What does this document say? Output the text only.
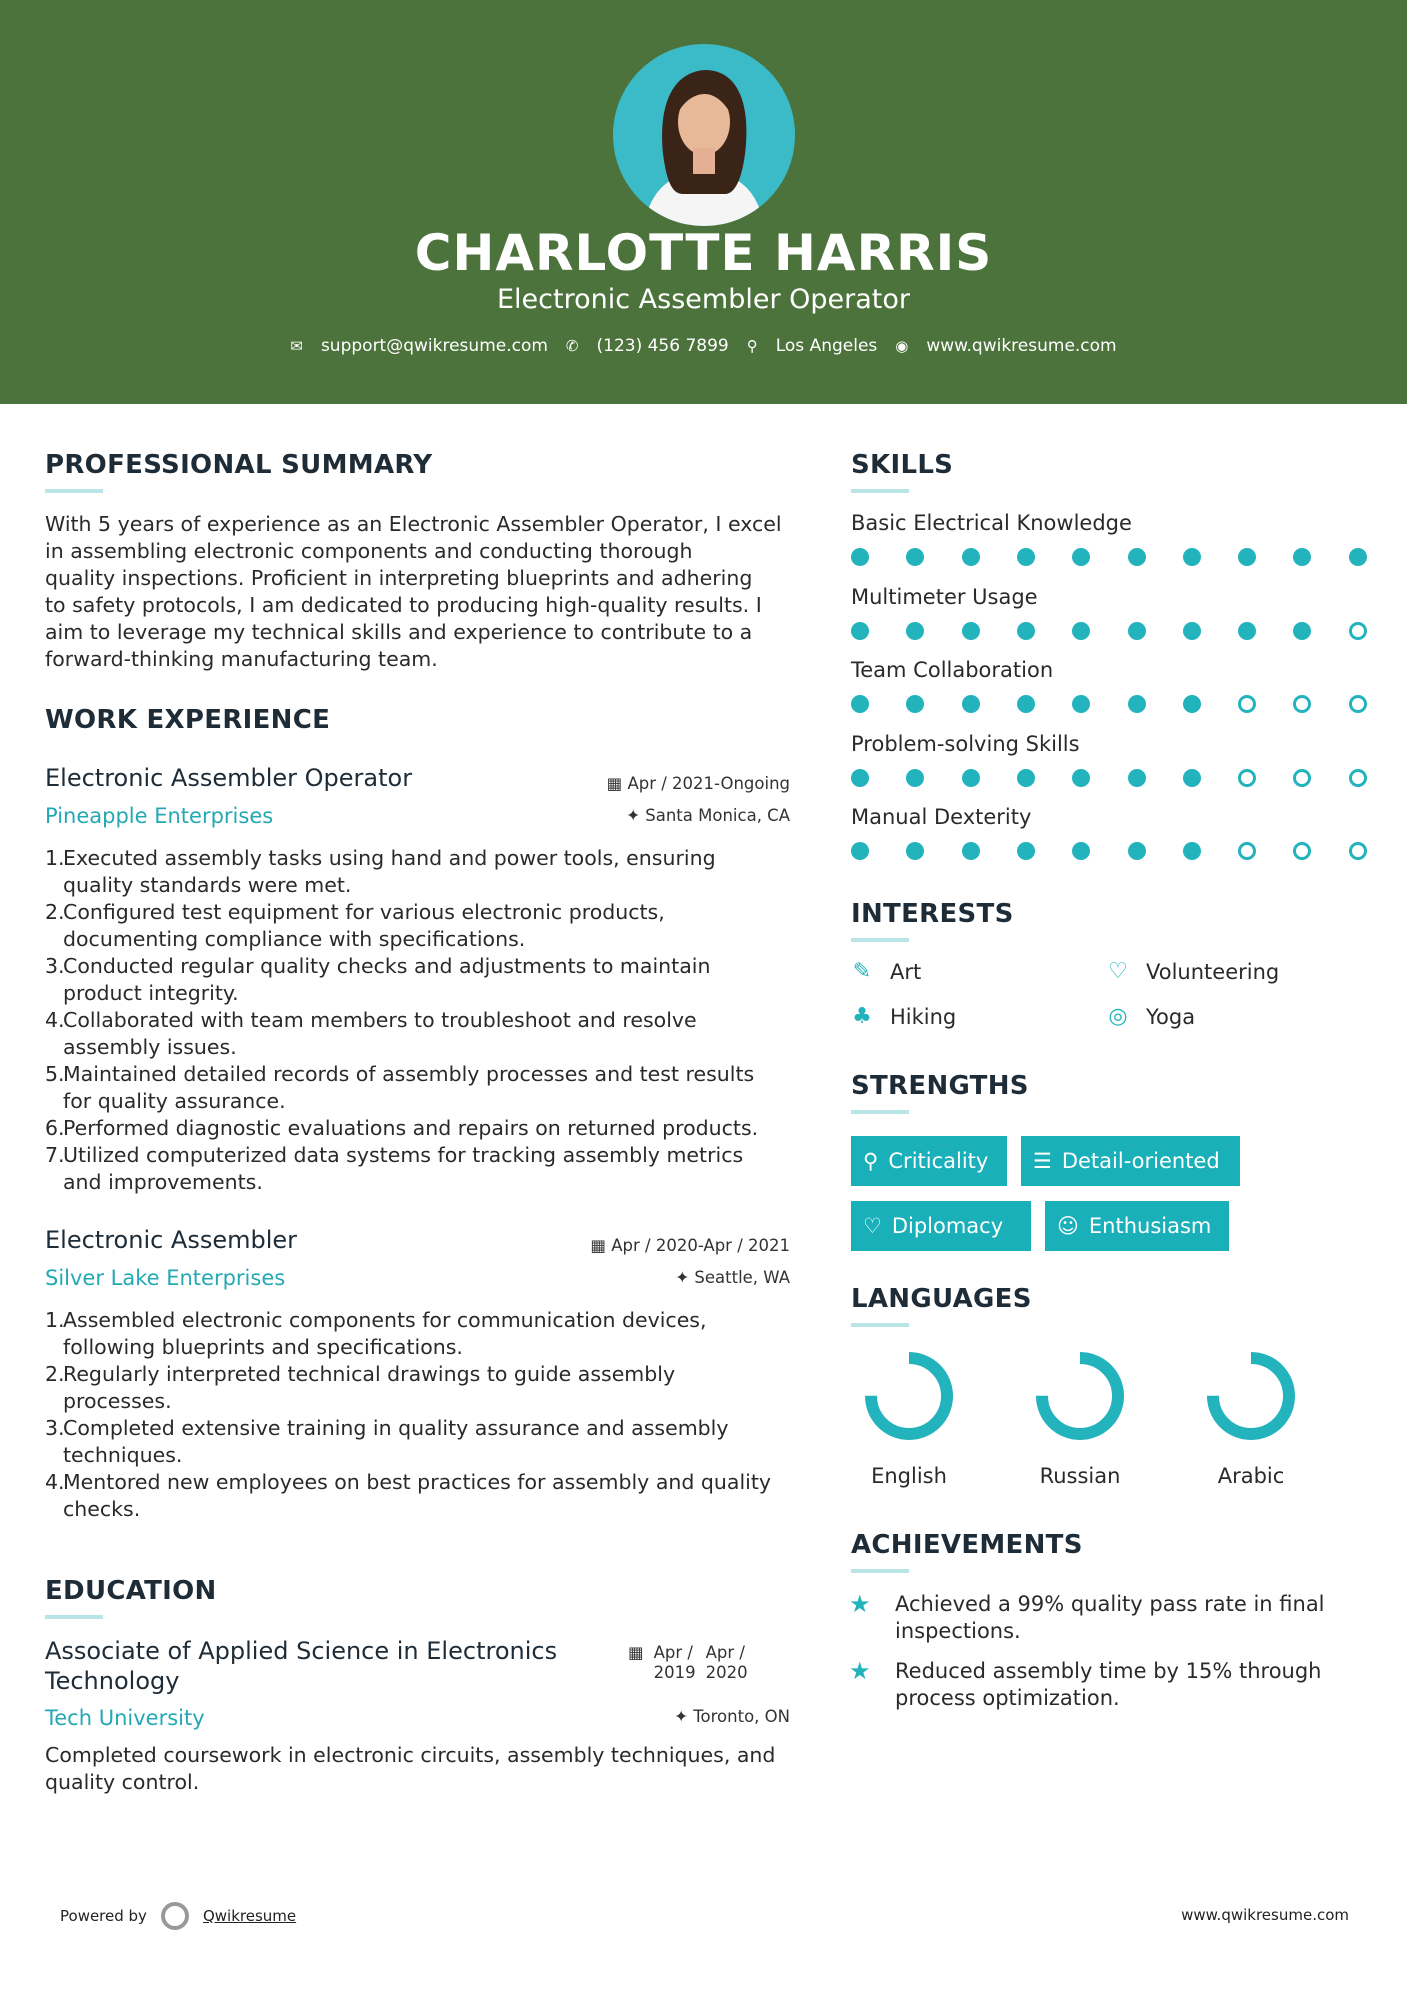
CHARLOTTE HARRIS
Electronic Assembler Operator
✉ support@qwikresume.com ✆ (123) 456 7899 ⚲ Los Angeles ◉ www.qwikresume.com
PROFESSIONAL SUMMARY
With 5 years of experience as an Electronic Assembler Operator, I excel
in assembling electronic components and conducting thorough
quality inspections. Proficient in interpreting blueprints and adhering
to safety protocols, I am dedicated to producing high-quality results. I
aim to leverage my technical skills and experience to contribute to a
forward-thinking manufacturing team.
WORK EXPERIENCE
Electronic Assembler Operator	▦ Apr / 2021-Ongoing
Pineapple Enterprises	✦ Santa Monica, CA
1.
Executed assembly tasks using hand and power tools, ensuring
quality standards were met.
2.
Configured test equipment for various electronic products,
documenting compliance with specifications.
3.
Conducted regular quality checks and adjustments to maintain
product integrity.
4.
Collaborated with team members to troubleshoot and resolve
assembly issues.
5.
Maintained detailed records of assembly processes and test results
for quality assurance.
6.
Performed diagnostic evaluations and repairs on returned products.
7.
Utilized computerized data systems for tracking assembly metrics
and improvements.
Electronic Assembler	▦ Apr / 2020-Apr / 2021
Silver Lake Enterprises	✦ Seattle, WA
1.
Assembled electronic components for communication devices,
following blueprints and specifications.
2.
Regularly interpreted technical drawings to guide assembly
processes.
3.
Completed extensive training in quality assurance and assembly
techniques.
4.
Mentored new employees on best practices for assembly and quality
checks.
EDUCATION
Associate of Applied Science in Electronics
Technology
▦ Apr /
2019
Apr /
2020
Tech University	✦ Toronto, ON
Completed coursework in electronic circuits, assembly techniques, and
quality control.
SKILLS
Basic Electrical Knowledge
Multimeter Usage
Team Collaboration
Problem-solving Skills
Manual Dexterity
INTERESTS
✎ Art	♡ Volunteering
♣ Hiking	◎ Yoga
STRENGTHS
⚲ Criticality ☰ Detail-oriented
♡ Diplomacy	☺ Enthusiasm
LANGUAGES
English	Russian	Arabic
ACHIEVEMENTS
★	Achieved a 99% quality pass rate in final
inspections.
★	Reduced assembly time by 15% through
process optimization.
Powered by	Qwikresume	www.qwikresume.com
